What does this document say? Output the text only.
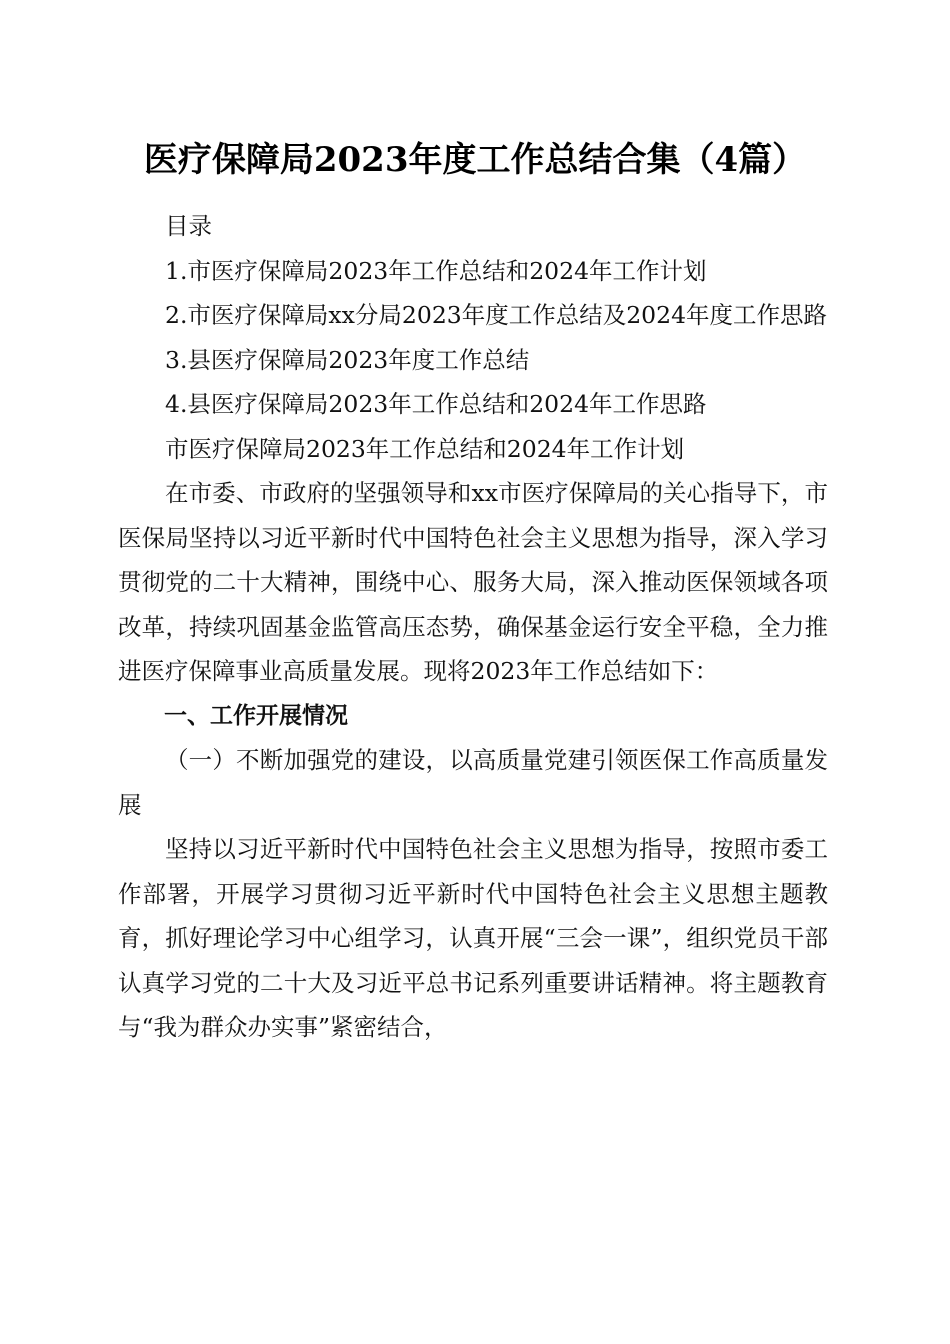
医疗保障局2023年度工作总结合集（4篇）

目录

1.市医疗保障局2023年工作总结和2024年工作计划

2.市医疗保障局xx分局2023年度工作总结及2024年度工作思路

3.县医疗保障局2023年度工作总结

4.县医疗保障局2023年工作总结和2024年工作思路

市医疗保障局2023年工作总结和2024年工作计划

在市委、市政府的坚强领导和xx市医疗保障局的关心指导下，市医保局坚持以习近平新时代中国特色社会主义思想为指导，深入学习贯彻党的二十大精神，围绕中心、服务大局，深入推动医保领域各项改革，持续巩固基金监管高压态势，确保基金运行安全平稳，全力推进医疗保障事业高质量发展。现将2023年工作总结如下：

一、工作开展情况

（一）不断加强党的建设，以高质量党建引领医保工作高质量发展

坚持以习近平新时代中国特色社会主义思想为指导，按照市委工作部署，开展学习贯彻习近平新时代中国特色社会主义思想主题教育，抓好理论学习中心组学习，认真开展“三会一课”，组织党员干部认真学习党的二十大及习近平总书记系列重要讲话精神。将主题教育与“我为群众办实事”紧密结合，
